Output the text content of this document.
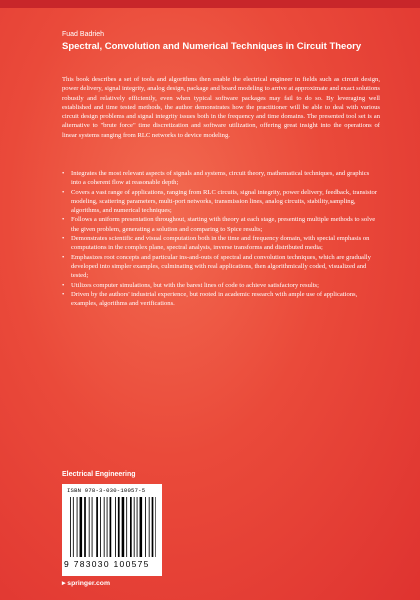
Fuad Badrieh
Spectral, Convolution and Numerical Techniques in Circuit Theory
This book describes a set of tools and algorithms then enable the electrical engineer in fields such as circuit design, power delivery, signal integrity, analog design, package and board modeling to arrive at approximate and exact solutions robustly and relatively efficiently, even when typical software packages may fail to do so. By leveraging well established and time tested methods, the author demonstrates how the practitioner will be able to deal with various circuit design problems and signal integrity issues both in the frequency and time domains. The presented tool set is an alternative to "brute force" time discretization and software utilization, offering great insight into the operations of linear systems ranging from RLC networks to device modeling.
• Integrates the most relevant aspects of signals and systems, circuit theory, mathematical techniques, and graphics into a coherent flow at reasonable depth;
• Covers a vast range of applications, ranging from RLC circuits, signal integrity, power delivery, feedback, transistor modeling, scattering parameters, multi-port networks, transmission lines, analog circuits, stability,sampling, algorithms, and numerical techniques;
• Follows a uniform presentation throughout, starting with theory at each stage, presenting multiple methods to solve the given problem, generating a solution and comparing to Spice results;
• Demonstrates scientific and visual computation both in the time and frequency domain, with special emphasis on computations in the complex plane, spectral analysis, inverse transforms and distributed media;
• Emphasizes root concepts and particular ins-and-outs of spectral and convolution techniques, which are gradually developed into simpler examples, culminating with real applications, then algorithmically coded, visualized and tested;
• Utilizes computer simulations, but with the barest lines of code to achieve satisfactory results;
• Driven by the authors' industrial experience, but rooted in academic research with ample use of applications, examples, algorithms and verifications.
Electrical Engineering
ISBN 978-3-030-10057-5
9 783030 100575
▸ springer.com
